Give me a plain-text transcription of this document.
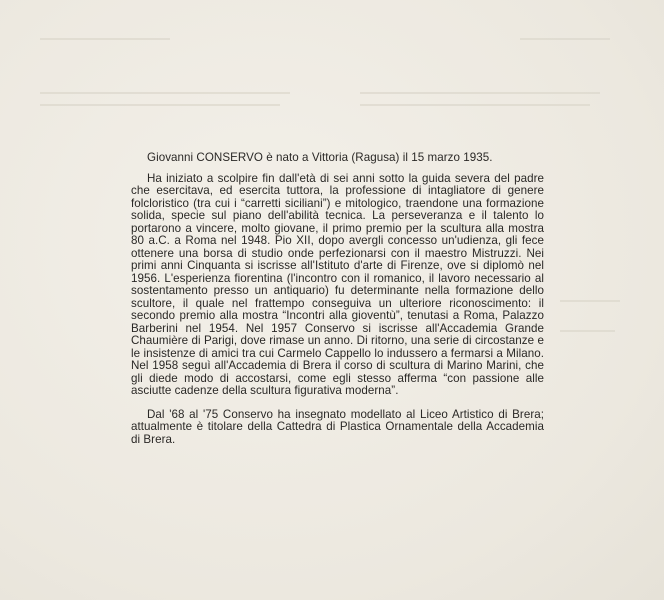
Giovanni CONSERVO è nato a Vittoria (Ragusa) il 15 marzo 1935.

Ha iniziato a scolpire fin dall'età di sei anni sotto la guida severa del padre che esercitava, ed esercita tuttora, la professione di intagliatore di genere folcloristico (tra cui i “carretti siciliani”) e mitologico, traendone una formazione solida, specie sul piano dell'abilità tecnica. La perseveranza e il talento lo portarono a vincere, molto giovane, il primo premio per la scultura alla mostra 80 a.C. a Roma nel 1948. Pio XII, dopo avergli concesso un'udienza, gli fece ottenere una borsa di studio onde perfezionarsi con il maestro Mistruzzi. Nei primi anni Cinquanta si iscrisse all'Istituto d'arte di Firenze, ove si diplomò nel 1956. L'esperienza fiorentina (l'incontro con il romanico, il lavoro necessario al sostentamento presso un antiquario) fu determinante nella formazione dello scultore, il quale nel frattempo conseguiva un ulteriore riconoscimento: il secondo premio alla mostra “Incontri alla gioventù”, tenutasi a Roma, Palazzo Barberini nel 1954. Nel 1957 Conservo si iscrisse all'Accademia Grande Chaumière di Parigi, dove rimase un anno. Di ritorno, una serie di circostanze e le insistenze di amici tra cui Carmelo Cappello lo indussero a fermarsi a Milano. Nel 1958 seguì all'Accademia di Brera il corso di scultura di Marino Marini, che gli diede modo di accostarsi, come egli stesso afferma “con passione alle asciutte cadenze della scultura figurativa moderna”.

Dal '68 al '75 Conservo ha insegnato modellato al Liceo Artistico di Brera; attualmente è titolare della Cattedra di Plastica Ornamentale della Accademia di Brera.
